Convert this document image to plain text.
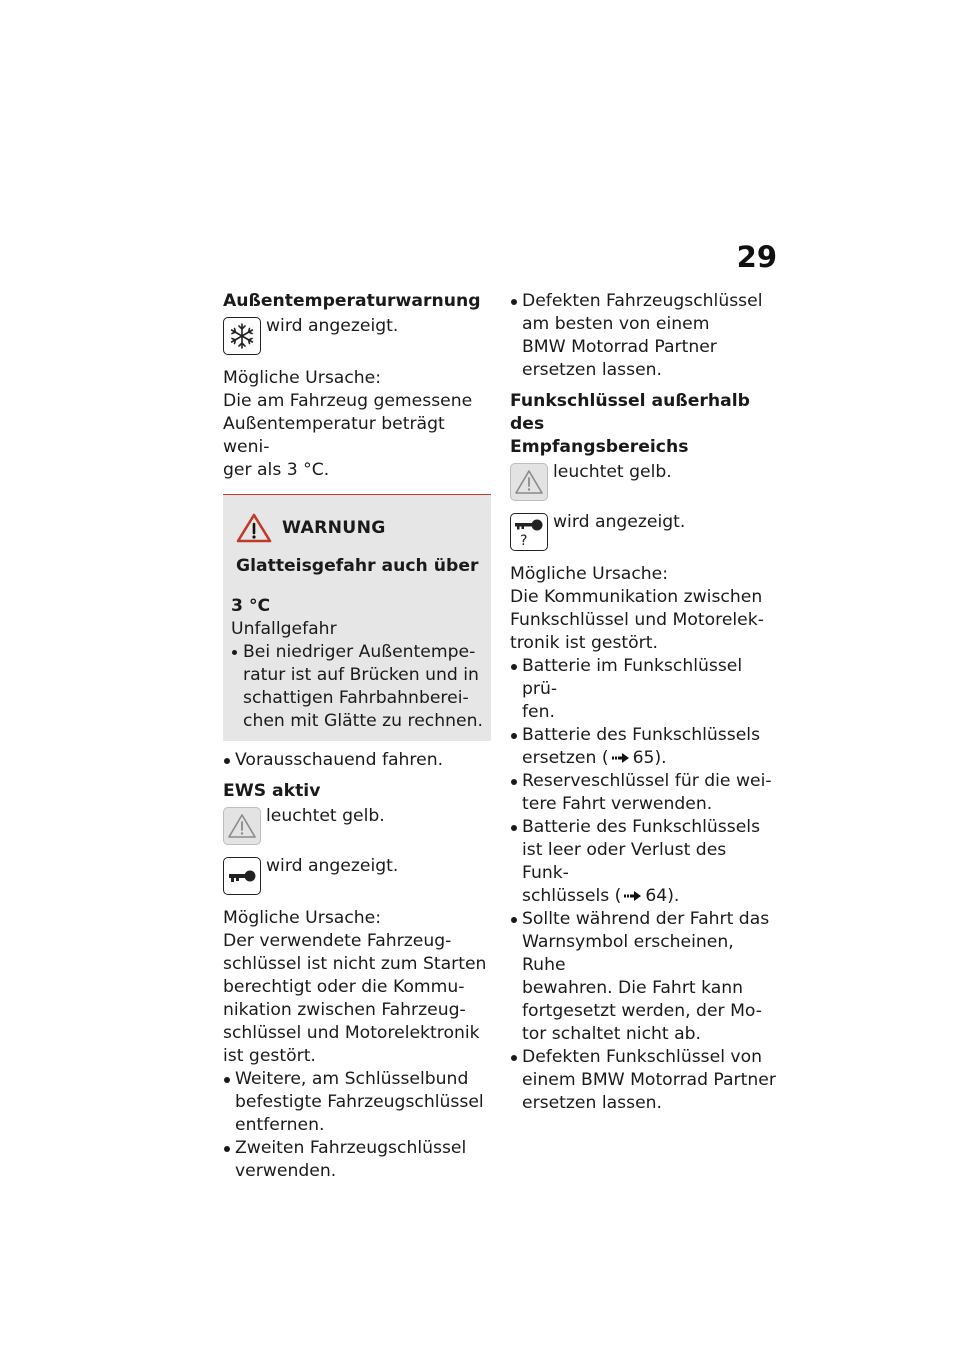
29

Außentemperaturwarnung

wird angezeigt.

Mögliche Ursache:

Die am Fahrzeug gemessene

Außentemperatur beträgt weni-

ger als 3 °C.

WARNUNG

Glatteisgefahr auch über

3 °C

Unfallgefahr

Bei niedriger Außentempe-
ratur ist auf Brücken und in
schattigen Fahrbahnberei-
chen mit Glätte zu rechnen.
Vorausschauend fahren.

EWS aktiv

leuchtet gelb.
wird angezeigt.

Mögliche Ursache:

Der verwendete Fahrzeug-

schlüssel ist nicht zum Starten

berechtigt oder die Kommu-

nikation zwischen Fahrzeug-

schlüssel und Motorelektronik

ist gestört.

Weitere, am Schlüsselbund
befestigte Fahrzeugschlüssel
entfernen.
Zweiten Fahrzeugschlüssel
verwenden.
Defekten Fahrzeugschlüssel
am besten von einem
BMW Motorrad Partner
ersetzen lassen.

Funkschlüssel außerhalb des

Empfangsbereichs

leuchtet gelb.
?
wird angezeigt.

Mögliche Ursache:

Die Kommunikation zwischen

Funkschlüssel und Motorelek-

tronik ist gestört.

Batterie im Funkschlüssel prü-
fen.
Batterie des Funkschlüssels
ersetzen ( 65).
Reserveschlüssel für die wei-
tere Fahrt verwenden.
Batterie des Funkschlüssels
ist leer oder Verlust des Funk-
schlüssels ( 64).
Sollte während der Fahrt das
Warnsymbol erscheinen, Ruhe
bewahren. Die Fahrt kann
fortgesetzt werden, der Mo-
tor schaltet nicht ab.
Defekten Funkschlüssel von
einem BMW Motorrad Partner
ersetzen lassen.
